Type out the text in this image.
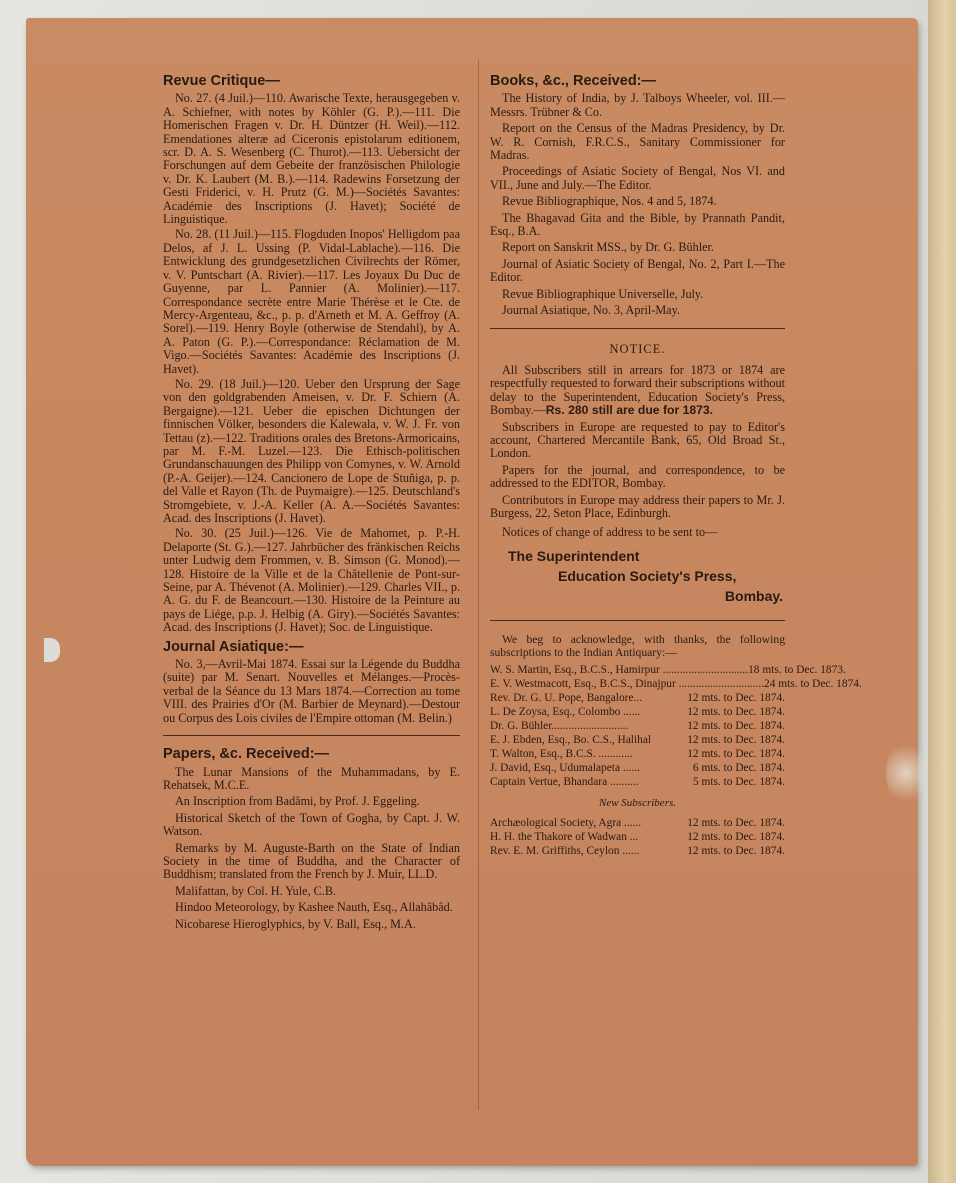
Revue Critique—

No. 27. (4 Juil.)—110. Awarische Texte, herausgegeben v. A. Schiefner, with notes by Köhler (G. P.).—111. Die Homerischen Fragen v. Dr. H. Düntzer (H. Weil).—112. Emendationes alteræ ad Ciceronis epistolarum editionem, scr. D. A. S. Wesenberg (C. Thurot).—113. Uebersicht der Forschungen auf dem Gebeite der französischen Philologie v. Dr. K. Laubert (M. B.).—114. Radewins Forsetzung der Gesti Friderici, v. H. Prutz (G. M.)—Sociétés Savantes: Académie des Inscriptions (J. Havet); Société de Linguistique.

No. 28. (11 Juil.)—115. Flogduden Inopos' Helligdom paa Delos, af J. L. Ussing (P. Vidal-Lablache).—116. Die Entwicklung des grundgesetzlichen Civilrechts der Römer, v. V. Puntschart (A. Rivier).—117. Les Joyaux Du Duc de Guyenne, par L. Pannier (A. Molinier).—117. Correspondance secrète entre Marie Thérèse et le Cte. de Mercy-Argenteau, &c., p. p. d'Arneth et M. A. Geffroy (A. Sorel).—119. Henry Boyle (otherwise de Stendahl), by A. A. Paton (G. P.).—Correspondance: Réclamation de M. Vigo.—Sociétés Savantes: Académie des Inscriptions (J. Havet).

No. 29. (18 Juil.)—120. Ueber den Ursprung der Sage von den goldgrabenden Ameisen, v. Dr. F. Schiern (A. Bergaigne).—121. Ueber die epischen Dichtungen der finnischen Völker, besonders die Kalewala, v. W. J. Fr. von Tettau (z).—122. Traditions orales des Bretons-Armoricains, par M. F.-M. Luzel.—123. Die Ethisch-politischen Grundanschauungen des Philipp von Comynes, v. W. Arnold (P.-A. Geijer).—124. Cancionero de Lope de Stuñiga, p. p. del Valle et Rayon (Th. de Puymaigre).—125. Deutschland's Stromgebiete, v. J.-A. Keller (A. A.—Sociétés Savantes: Acad. des Inscriptions (J. Havet).

No. 30. (25 Juil.)—126. Vie de Mahomet, p. P.-H. Delaporte (St. G.).—127. Jahrbücher des fränkischen Reichs unter Ludwig dem Frommen, v. B. Simson (G. Monod).—128. Histoire de la Ville et de la Châtellenie de Pont-sur-Seine, par A. Thévenot (A. Molinier).—129. Charles VII., p. A. G. du F. de Beancourt.—130. Histoire de la Peinture au pays de Liége, p.p. J. Helbig (A. Giry).—Sociétés Savantes: Acad. des Inscriptions (J. Havet); Soc. de Linguistique.

Journal Asiatique:—

No. 3,—Avril-Mai 1874. Essai sur la Légende du Buddha (suite) par M. Senart. Nouvelles et Mélanges.—Procès-verbal de la Séance du 13 Mars 1874.—Correction au tome VIII. des Prairies d'Or (M. Barbier de Meynard).—Destour ou Corpus des Lois civiles de l'Empire ottoman (M. Belin.)

Papers, &c. Received:—

The Lunar Mansions of the Muhammadans, by E. Rehatsek, M.C.E.

An Inscription from Badâmi, by Prof. J. Eggeling.

Historical Sketch of the Town of Gogha, by Capt. J. W. Watson.

Remarks by M. Auguste-Barth on the State of Indian Society in the time of Buddha, and the Character of Buddhism; translated from the French by J. Muir, LL.D.

Malifattan, by Col. H. Yule, C.B.

Hindoo Meteorology, by Kashee Nauth, Esq., Allahâbâd.

Nicobarese Hieroglyphics, by V. Ball, Esq., M.A.

Books, &c., Received:—

The History of India, by J. Talboys Wheeler, vol. III.—Messrs. Trübner & Co.

Report on the Census of the Madras Presidency, by Dr. W. R. Cornish, F.R.C.S., Sanitary Commissioner for Madras.

Proceedings of Asiatic Society of Bengal, Nos VI. and VII., June and July.—The Editor.

Revue Bibliographique, Nos. 4 and 5, 1874.

The Bhagavad Gita and the Bible, by Prannath Pandit, Esq., B.A.

Report on Sanskrit MSS., by Dr. G. Bühler.

Journal of Asiatic Society of Bengal, No. 2, Part I.—The Editor.

Revue Bibliographique Universelle, July.

Journal Asiatique, No. 3, April-May.

NOTICE.

All Subscribers still in arrears for 1873 or 1874 are respectfully requested to forward their subscriptions without delay to the Superintendent, Education Society's Press, Bombay.—Rs. 280 still are due for 1873.

Subscribers in Europe are requested to pay to Editor's account, Chartered Mercantile Bank, 65, Old Broad St., London.

Papers for the journal, and correspondence, to be addressed to the EDITOR, Bombay.

Contributors in Europe may address their papers to Mr. J. Burgess, 22, Seton Place, Edinburgh.

Notices of change of address to be sent to—

The Superintendent
Education Society's Press,
Bombay.

We beg to acknowledge, with thanks, the following subscriptions to the Indian Antiquary:—

W. S. Martin, Esq., B.C.S., Hamirpur .............................. 18 mts. to Dec. 1873.
E. V. Westmacott, Esq., B.C.S., Dinajpur .............................. 24 mts. to Dec. 1874.
Rev. Dr. G. U. Pope, Bangalore...	12 mts. to Dec. 1874.
L. De Zoysa, Esq., Colombo ......	12 mts. to Dec. 1874.
Dr. G. Bühler...........................	12 mts. to Dec. 1874.
E. J. Ebden, Esq., Bo. C.S., Halihal	12 mts. to Dec. 1874.
T. Walton, Esq., B.C.S. ............	12 mts. to Dec. 1874.
J. David, Esq., Udumalapeta ......	6 mts. to Dec. 1874.
Captain Vertue, Bhandara ..........	5 mts. to Dec. 1874.
New Subscribers.
Archæological Society, Agra ......	12 mts. to Dec. 1874.
H. H. the Thakore of Wadwan ...	12 mts. to Dec. 1874.
Rev. E. M. Griffiths, Ceylon ......	12 mts. to Dec. 1874.
